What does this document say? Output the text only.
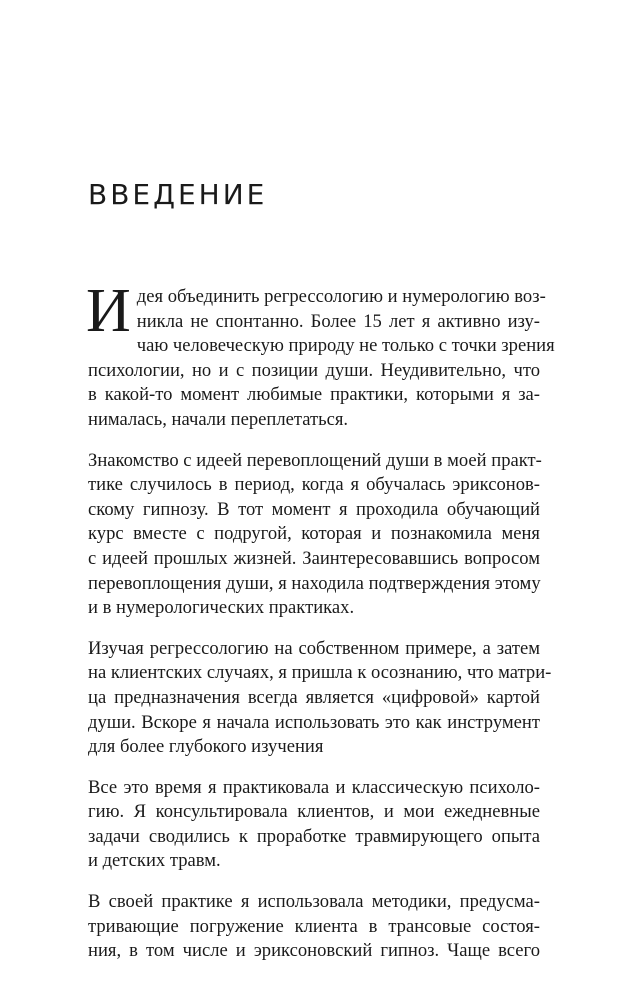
ВВЕДЕНИЕ
И дея объединить регрессологию и нумерологию воз-
никла не спонтанно. Более 15 лет я активно изу-
чаю человеческую природу не только с точки зрения
психологии, но и с позиции души. Неудивительно, что
в какой-то момент любимые практики, которыми я за-
нималась, начали переплетаться.
Знакомство с идеей перевоплощений души в моей практ-
тике случилось в период, когда я обучалась эриксонов-
скому гипнозу. В тот момент я проходила обучающий
курс вместе с подругой, которая и познакомила меня
с идеей прошлых жизней. Заинтересовавшись вопросом
перевоплощения души, я находила подтверждения этому
и в нумерологических практиках.
Изучая регрессологию на собственном примере, а затем
на клиентских случаях, я пришла к осознанию, что матри-
ца предназначения всегда является «цифровой» картой
души. Вскоре я начала использовать это как инструмент
для более глубокого изучения
Все это время я практиковала и классическую психоло-
гию. Я консультировала клиентов, и мои ежедневные
задачи сводились к проработке травмирующего опыта
и детских травм.
В своей практике я использовала методики, предусма-
тривающие погружение клиента в трансовые состоя-
ния, в том числе и эриксоновский гипноз. Чаще всего
